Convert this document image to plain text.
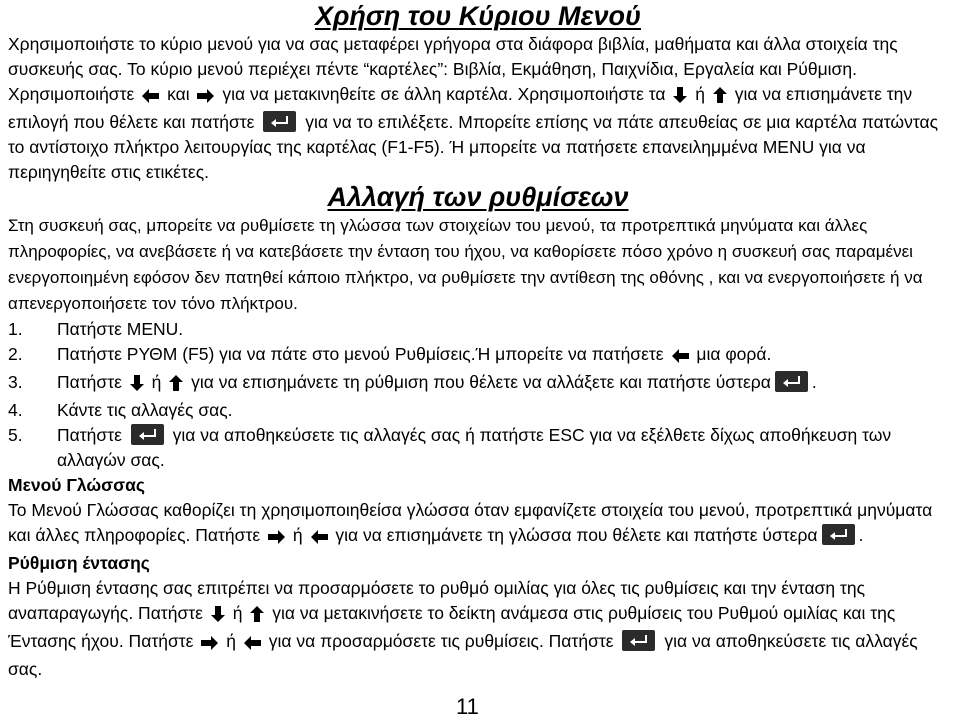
Χρήση του Κύριου Μενού

Χρησιμοποιήστε το κύριο μενού για να σας μεταφέρει γρήγορα στα διάφορα βιβλία, μαθήματα και άλλα στοιχεία της συσκευής σας. Το κύριο μενού περιέχει πέντε “καρτέλες”: Βιβλία, Εκμάθηση, Παιχνίδια, Εργαλεία και Ρύθμιση. Χρησιμοποιήστε και για να μετακινηθείτε σε άλλη καρτέλα. Χρησιμοποιήστε τα ή για να επισημάνετε την επιλογή που θέλετε και πατήστε	για να το επιλέξετε. Μπορείτε επίσης να πάτε απευθείας σε μια καρτέλα πατώντας το αντίστοιχο πλήκτρο λειτουργίας της καρτέλας (F1-F5). Ή μπορείτε να πατήσετε επανειλημμένα MENU για να περιηγηθείτε στις ετικέτες.

Αλλαγή των ρυθμίσεων

Στη συσκευή σας, μπορείτε να ρυθμίσετε τη γλώσσα των στοιχείων του μενού, τα προτρεπτικά μηνύματα και άλλες πληροφορίες, να ανεβάσετε ή να κατεβάσετε την ένταση του ήχου, να καθορίσετε πόσο χρόνο η συσκευή σας παραμένει ενεργοποιημένη εφόσον δεν πατηθεί κάποιο πλήκτρο, να ρυθμίσετε την αντίθεση της οθόνης , και να ενεργοποιήσετε ή να απενεργοποιήσετε τον τόνο πλήκτρου.

1.	Πατήστε MENU.
2.	Πατήστε ΡΥΘΜ (F5) για να πάτε στο μενού Ρυθμίσεις.Ή μπορείτε να πατήσετε μια φορά.
3.	Πατήστε ή για να επισημάνετε τη ρύθμιση που θέλετε να αλλάξετε και πατήστε ύστερα .
4.	Κάντε τις αλλαγές σας.
5.	Πατήστε	για να αποθηκεύσετε τις αλλαγές σας ή πατήστε ESC για να εξέλθετε δίχως αποθήκευση των αλλαγών σας.
Μενού Γλώσσας

Το Μενού Γλώσσας καθορίζει τη χρησιμοποιηθείσα γλώσσα όταν εμφανίζετε στοιχεία του μενού, προτρεπτικά μηνύματα και άλλες πληροφορίες. Πατήστε ή για να επισημάνετε τη γλώσσα που θέλετε και πατήστε ύστερα .

Ρύθμιση έντασης

Η Ρύθμιση έντασης σας επιτρέπει να προσαρμόσετε το ρυθμό ομιλίας για όλες τις ρυθμίσεις και την ένταση της αναπαραγωγής. Πατήστε ή για να μετακινήσετε το δείκτη ανάμεσα στις ρυθμίσεις του Ρυθμού ομιλίας και της Έντασης ήχου. Πατήστε ή για να προσαρμόσετε τις ρυθμίσεις. Πατήστε	για να αποθηκεύσετε τις αλλαγές σας.

11
